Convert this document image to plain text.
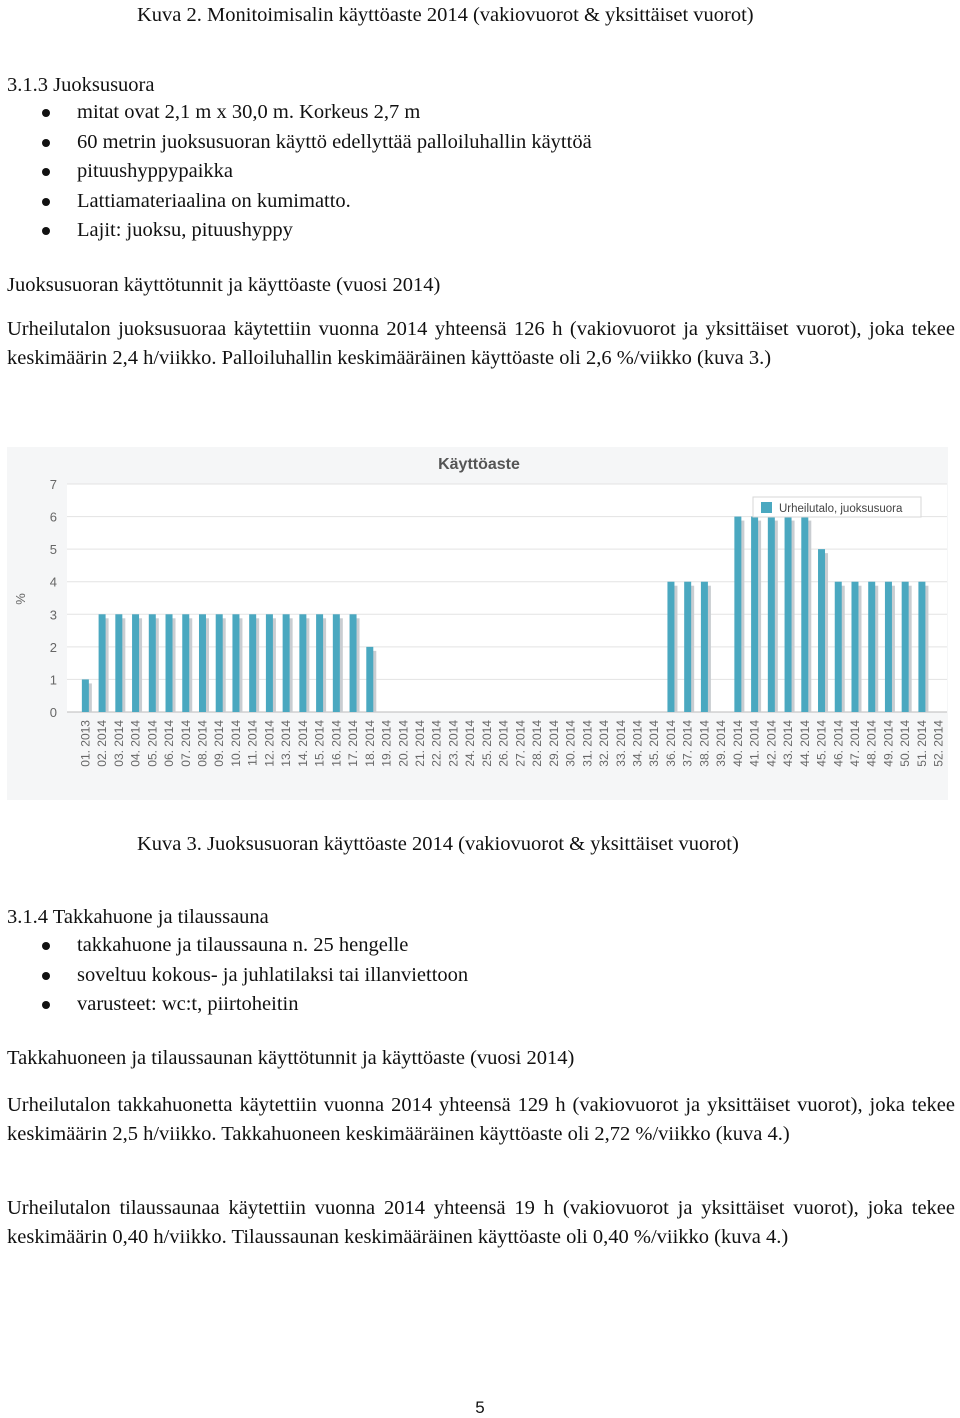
Kuva 2. Monitoimisalin käyttöaste 2014 (vakiovuorot & yksittäiset vuorot)
3.1.3 Juoksusuora
mitat ovat 2,1 m x 30,0 m. Korkeus 2,7 m
60 metrin juoksusuoran käyttö edellyttää palloiluhallin käyttöä
pituushyppypaikka
Lattiamateriaalina on kumimatto.
Lajit: juoksu, pituushyppy
Juoksusuoran käyttötunnit ja käyttöaste (vuosi 2014)
Urheilutalon juoksusuoraa käytettiin vuonna 2014 yhteensä 126 h (vakiovuorot ja yksittäiset vuorot), joka tekee keskimäärin 2,4 h/viikko. Palloiluhallin keskimääräinen käyttöaste oli 2,6 %/viikko (kuva 3.)
Käyttöaste
%
0
1
2
3
4
5
6
7
01. 2013 02. 2014 03. 2014 04. 2014 05. 2014 06. 2014 07. 2014 08. 2014 09. 2014 10. 2014 11. 2014 12. 2014 13. 2014 14. 2014 15. 2014 16. 2014 17. 2014 18. 2014 19. 2014 20. 2014 21. 2014 22. 2014 23. 2014 24. 2014 25. 2014 26. 2014 27. 2014 28. 2014 29. 2014 30. 2014 31. 2014 32. 2014 33. 2014 34. 2014 35. 2014 36. 2014 37. 2014 38. 2014 39. 2014 40. 2014 41. 2014 42. 2014 43. 2014 44. 2014 45. 2014 46. 2014 47. 2014 48. 2014 49. 2014 50. 2014 51. 2014 52. 2014
Urheilutalo, juoksusuora
Kuva 3. Juoksusuoran käyttöaste 2014 (vakiovuorot & yksittäiset vuorot)
3.1.4 Takkahuone ja tilaussauna
takkahuone ja tilaussauna n. 25 hengelle
soveltuu kokous- ja juhlatilaksi tai illanviettoon
varusteet: wc:t, piirtoheitin
Takkahuoneen ja tilaussaunan käyttötunnit ja käyttöaste (vuosi 2014)
Urheilutalon takkahuonetta käytettiin vuonna 2014 yhteensä 129 h (vakiovuorot ja yksittäiset vuorot), joka tekee keskimäärin 2,5 h/viikko. Takkahuoneen keskimääräinen käyttöaste oli 2,72 %/viikko (kuva 4.)
Urheilutalon tilaussaunaa käytettiin vuonna 2014 yhteensä 19 h (vakiovuorot ja yksittäiset vuorot), joka tekee keskimäärin 0,40 h/viikko. Tilaussaunan keskimääräinen käyttöaste oli 0,40 %/viikko (kuva 4.)
5
